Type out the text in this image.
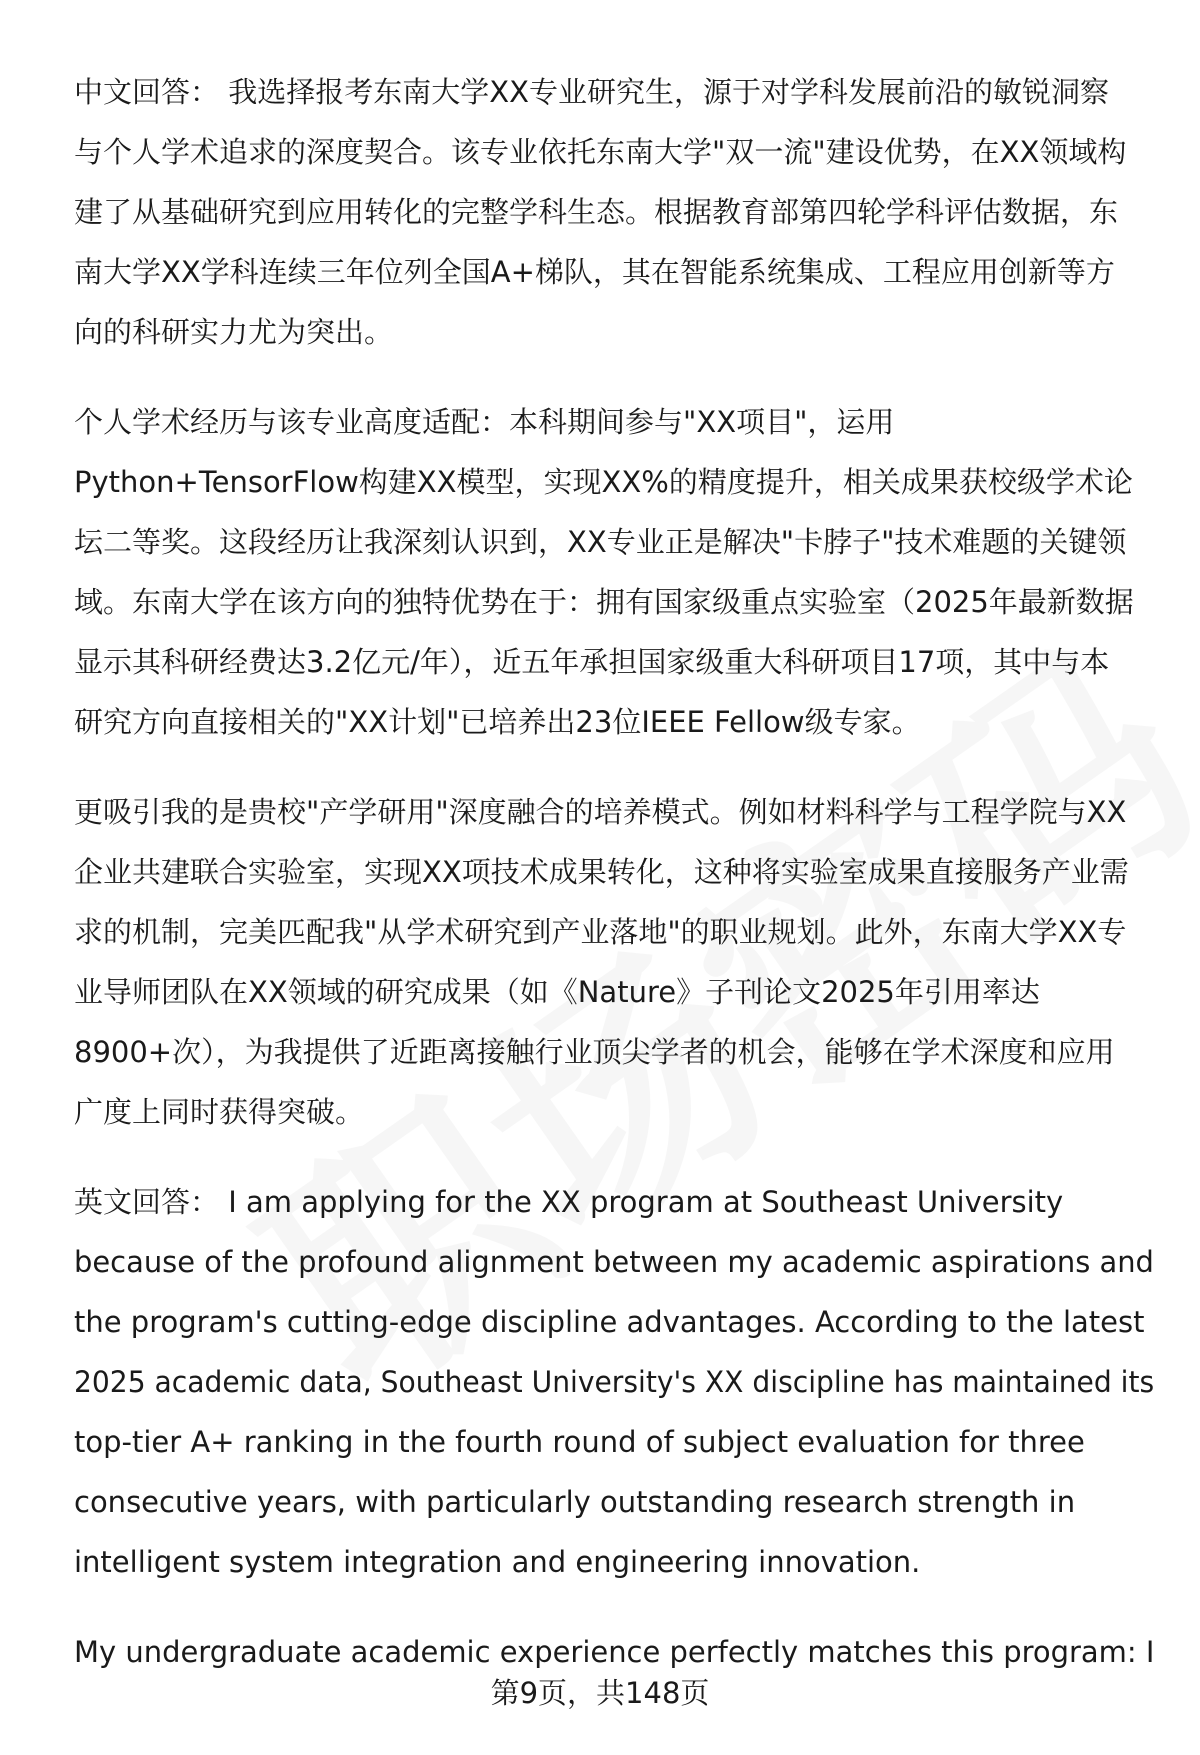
中文回答： 我选择报考东南大学XX专业研究生，源于对学科发展前沿的敏锐洞察
与个人学术追求的深度契合。该专业依托东南大学"双一流"建设优势，在XX领域构
建了从基础研究到应用转化的完整学科生态。根据教育部第四轮学科评估数据，东
南大学XX学科连续三年位列全国A+梯队，其在智能系统集成、工程应用创新等方
向的科研实力尤为突出。

个人学术经历与该专业高度适配：本科期间参与"XX项目"，运用
Python+TensorFlow构建XX模型，实现XX%的精度提升，相关成果获校级学术论
坛二等奖。这段经历让我深刻认识到，XX专业正是解决"卡脖子"技术难题的关键领
域。东南大学在该方向的独特优势在于：拥有国家级重点实验室（2025年最新数据
显示其科研经费达3.2亿元/年），近五年承担国家级重大科研项目17项，其中与本
研究方向直接相关的"XX计划"已培养出23位IEEE Fellow级专家。

更吸引我的是贵校"产学研用"深度融合的培养模式。例如材料科学与工程学院与XX
企业共建联合实验室，实现XX项技术成果转化，这种将实验室成果直接服务产业需
求的机制，完美匹配我"从学术研究到产业落地"的职业规划。此外，东南大学XX专
业导师团队在XX领域的研究成果（如《Nature》子刊论文2025年引用率达
8900+次），为我提供了近距离接触行业顶尖学者的机会，能够在学术深度和应用
广度上同时获得突破。

英文回答： I am applying for the XX program at Southeast University
because of the profound alignment between my academic aspirations and
the program's cutting-edge discipline advantages. According to the latest
2025 academic data, Southeast University's XX discipline has maintained its
top-tier A+ ranking in the fourth round of subject evaluation for three
consecutive years, with particularly outstanding research strength in
intelligent system integration and engineering innovation.

My undergraduate academic experience perfectly matches this program: I

第9页，共148页
